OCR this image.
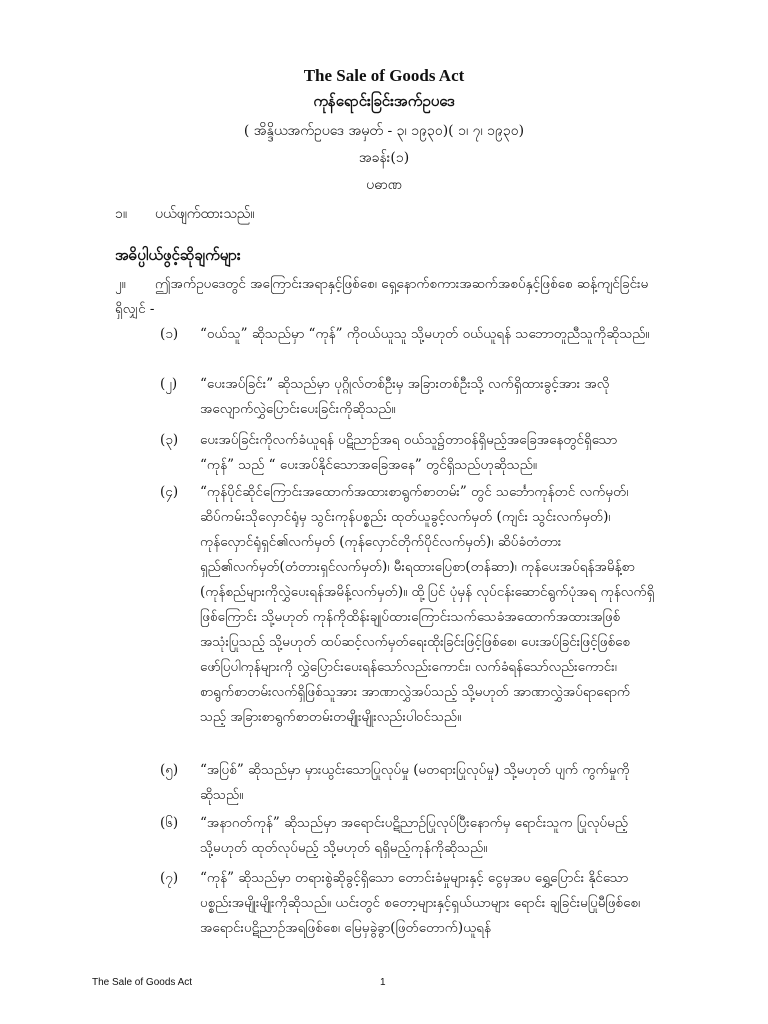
The Sale of Goods Act
ကုန်ရောင်းခြင်းအက်ဥပဒေ
( အိန္ဒိယအက်ဥပဒေ အမှတ် - ၃၊ ၁၉၃၀)( ၁၊ ၇၊ ၁၉၃၀)
အခန်း(၁)
ပဓာဏ
၁။ ပယ်ဖျက်ထားသည်။
အဓိပ္ပါယ်ဖွင့်ဆိုချက်များ
၂။ ဤအက်ဥပဒေတွင် အကြောင်းအရာနှင့်ဖြစ်စေ၊ ရှေ့နောက်စကားအဆက်အစပ်နှင့်ဖြစ်စေ ဆန့်ကျင်ခြင်းမရှိလျှင် -
(၁)	“ဝယ်သူ” ဆိုသည်မှာ “ကုန်” ကိုဝယ်ယူသူ သို့မဟုတ် ဝယ်ယူရန် သဘောတူညီသူကိုဆိုသည်။
(၂)	“ပေးအပ်ခြင်း” ဆိုသည်မှာ ပုဂ္ဂိုလ်တစ်ဦးမှ အခြားတစ်ဦးသို့ လက်ရှိထားခွင့်အား အလို အလျောက်လွှဲပြောင်းပေးခြင်းကိုဆိုသည်။
(၃)	ပေးအပ်ခြင်းကိုလက်ခံယူရန် ပဋိညာဉ်အရ ဝယ်သူ၌တာဝန်ရှိမည့်အခြေအနေတွင်ရှိသော “ကုန်” သည် “ ပေးအပ်နိုင်သောအခြေအနေ” တွင်ရှိသည်ဟုဆိုသည်။
(၄)	“ကုန်ပိုင်ဆိုင်ကြောင်းအထောက်အထားစာရွက်စာတမ်း” တွင် သင်္ဘောကုန်တင် လက်မှတ်၊ ဆိပ်ကမ်းသိုလှောင်ရုံမှ သွင်းကုန်ပစ္စည်း ထုတ်ယူခွင့်လက်မှတ် (ကျင်း သွင်းလက်မှတ်)၊ ကုန်လှောင်ရုံရှင်၏လက်မှတ် (ကုန်လှောင်တိုက်ပိုင်လက်မှတ်)၊ ဆိပ်ခံတံတားရှည်၏လက်မှတ်(တံတားရှင်လက်မှတ်)၊ မီးရထားပြေစာ(တန်ဆာ)၊ ကုန်ပေးအပ်ရန်အမိန့်စာ (ကုန်စည်များကိုလွှဲပေးရန်အမိန့်လက်မှတ်)။ ထို့ပြင် ပုံမှန် လုပ်ငန်းဆောင်ရွက်ပုံအရ ကုန်လက်ရှိဖြစ်ကြောင်း သို့မဟုတ် ကုန်ကိုထိန်းချုပ်ထားကြောင်းသက်သေခံအထောက်အထားအဖြစ်အသုံးပြုသည့် သို့မဟုတ် ထပ်ဆင့်လက်မှတ်ရေးထိုးခြင်းဖြင့်ဖြစ်စေ၊ ပေးအပ်ခြင်းဖြင့်ဖြစ်စေ ဖော်ပြပါကုန်များကို လွှဲပြောင်းပေးရန်သော်လည်းကောင်း၊ လက်ခံရန်သော်လည်းကောင်း၊ စာရွက်စာတမ်းလက်ရှိဖြစ်သူအား အာဏာလွှဲအပ်သည့် သို့မဟုတ် အာဏာလွှဲအပ်ရာရောက်သည့် အခြားစာရွက်စာတမ်းတမျိုးမျိုးလည်းပါဝင်သည်။
(၅)	“အပြစ်” ဆိုသည်မှာ မှားယွင်းသောပြုလုပ်မှု (မတရားပြုလုပ်မှု) သို့မဟုတ် ပျက် ကွက်မှုကိုဆိုသည်။
(၆)	“အနာဂတ်ကုန်” ဆိုသည်မှာ အရောင်းပဋိညာဉ်ပြုလုပ်ပြီးနောက်မှ ရောင်းသူက ပြုလုပ်မည့် သို့မဟုတ် ထုတ်လုပ်မည့် သို့မဟုတ် ရရှိမည့်ကုန်ကိုဆိုသည်။
(၇)	“ကုန်” ဆိုသည်မှာ တရားစွဲဆိုခွင့်ရှိသော တောင်းခံမှုများနှင့် ငွေမှအပ ရွှေ့ပြောင်း နိုင်သောပစ္စည်းအမျိုးမျိုးကိုဆိုသည်။ ယင်းတွင် စတော့များနှင့်ရှယ်ယာများ ရောင်း ချခြင်းမပြုမီဖြစ်စေ၊ အရောင်းပဋိညာဉ်အရဖြစ်စေ၊ မြေမှခွဲခွာ(ဖြတ်တောက်)ယူရန်
The Sale of Goods Act	1
